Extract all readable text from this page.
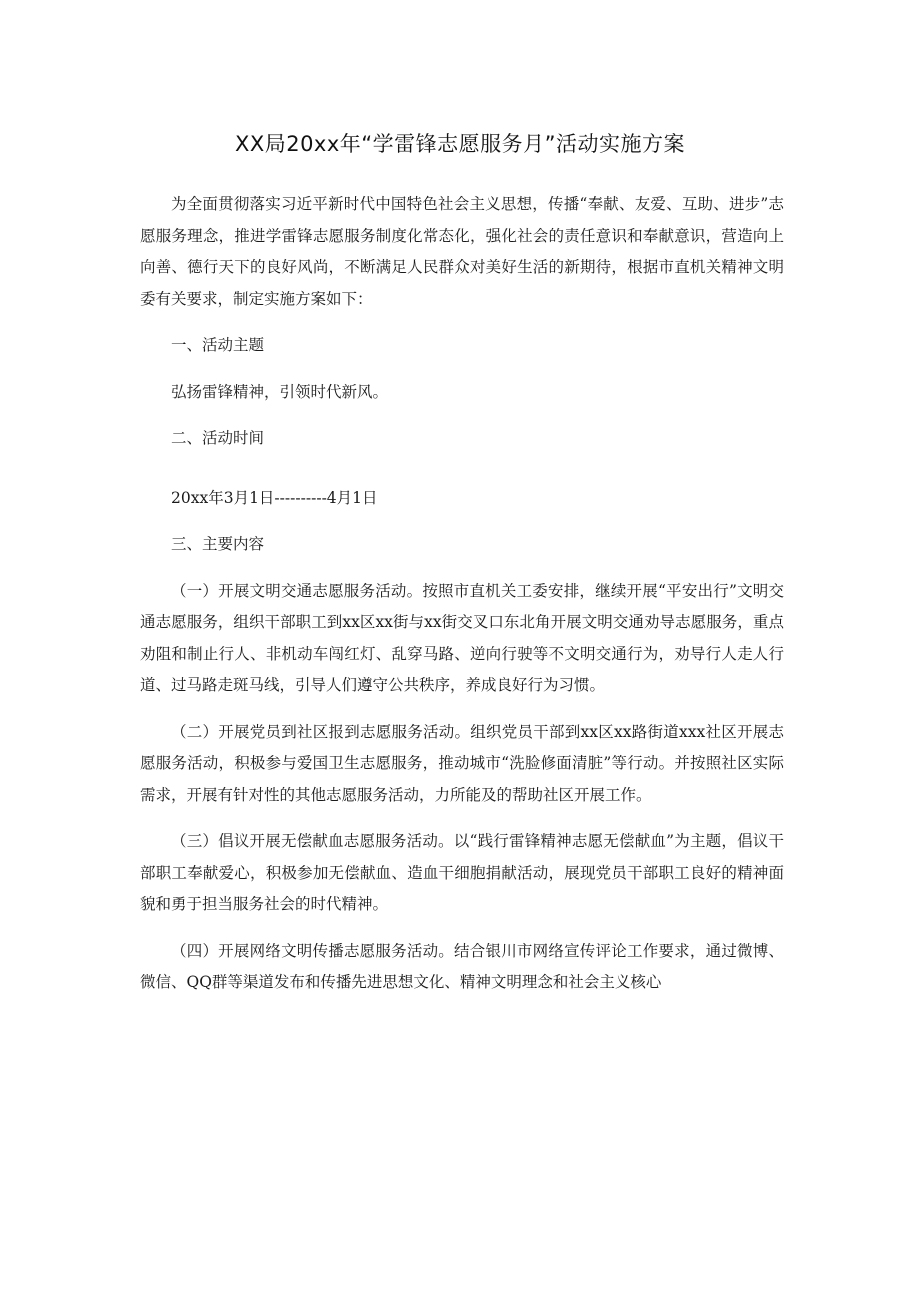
XX局20xx年“学雷锋志愿服务月”活动实施方案

为全面贯彻落实习近平新时代中国特色社会主义思想，传播“奉献、友爱、互助、进步”志愿服务理念，推进学雷锋志愿服务制度化常态化，强化社会的责任意识和奉献意识，营造向上向善、德行天下的良好风尚，不断满足人民群众对美好生活的新期待，根据市直机关精神文明委有关要求，制定实施方案如下：

一、活动主题
弘扬雷锋精神，引领时代新风。
二、活动时间
20xx年3月1日----------4月1日
三、主要内容

（一）开展文明交通志愿服务活动。按照市直机关工委安排，继续开展“平安出行”文明交通志愿服务，组织干部职工到xx区xx街与xx街交叉口东北角开展文明交通劝导志愿服务，重点劝阻和制止行人、非机动车闯红灯、乱穿马路、逆向行驶等不文明交通行为，劝导行人走人行道、过马路走斑马线，引导人们遵守公共秩序，养成良好行为习惯。

（二）开展党员到社区报到志愿服务活动。组织党员干部到xx区xx路街道xxx社区开展志愿服务活动，积极参与爱国卫生志愿服务，推动城市“洗脸修面清脏”等行动。并按照社区实际需求，开展有针对性的其他志愿服务活动，力所能及的帮助社区开展工作。

（三）倡议开展无偿献血志愿服务活动。以“践行雷锋精神志愿无偿献血”为主题，倡议干部职工奉献爱心，积极参加无偿献血、造血干细胞捐献活动，展现党员干部职工良好的精神面貌和勇于担当服务社会的时代精神。

（四）开展网络文明传播志愿服务活动。结合银川市网络宣传评论工作要求，通过微博、微信、QQ群等渠道发布和传播先进思想文化、精神文明理念和社会主义核心
